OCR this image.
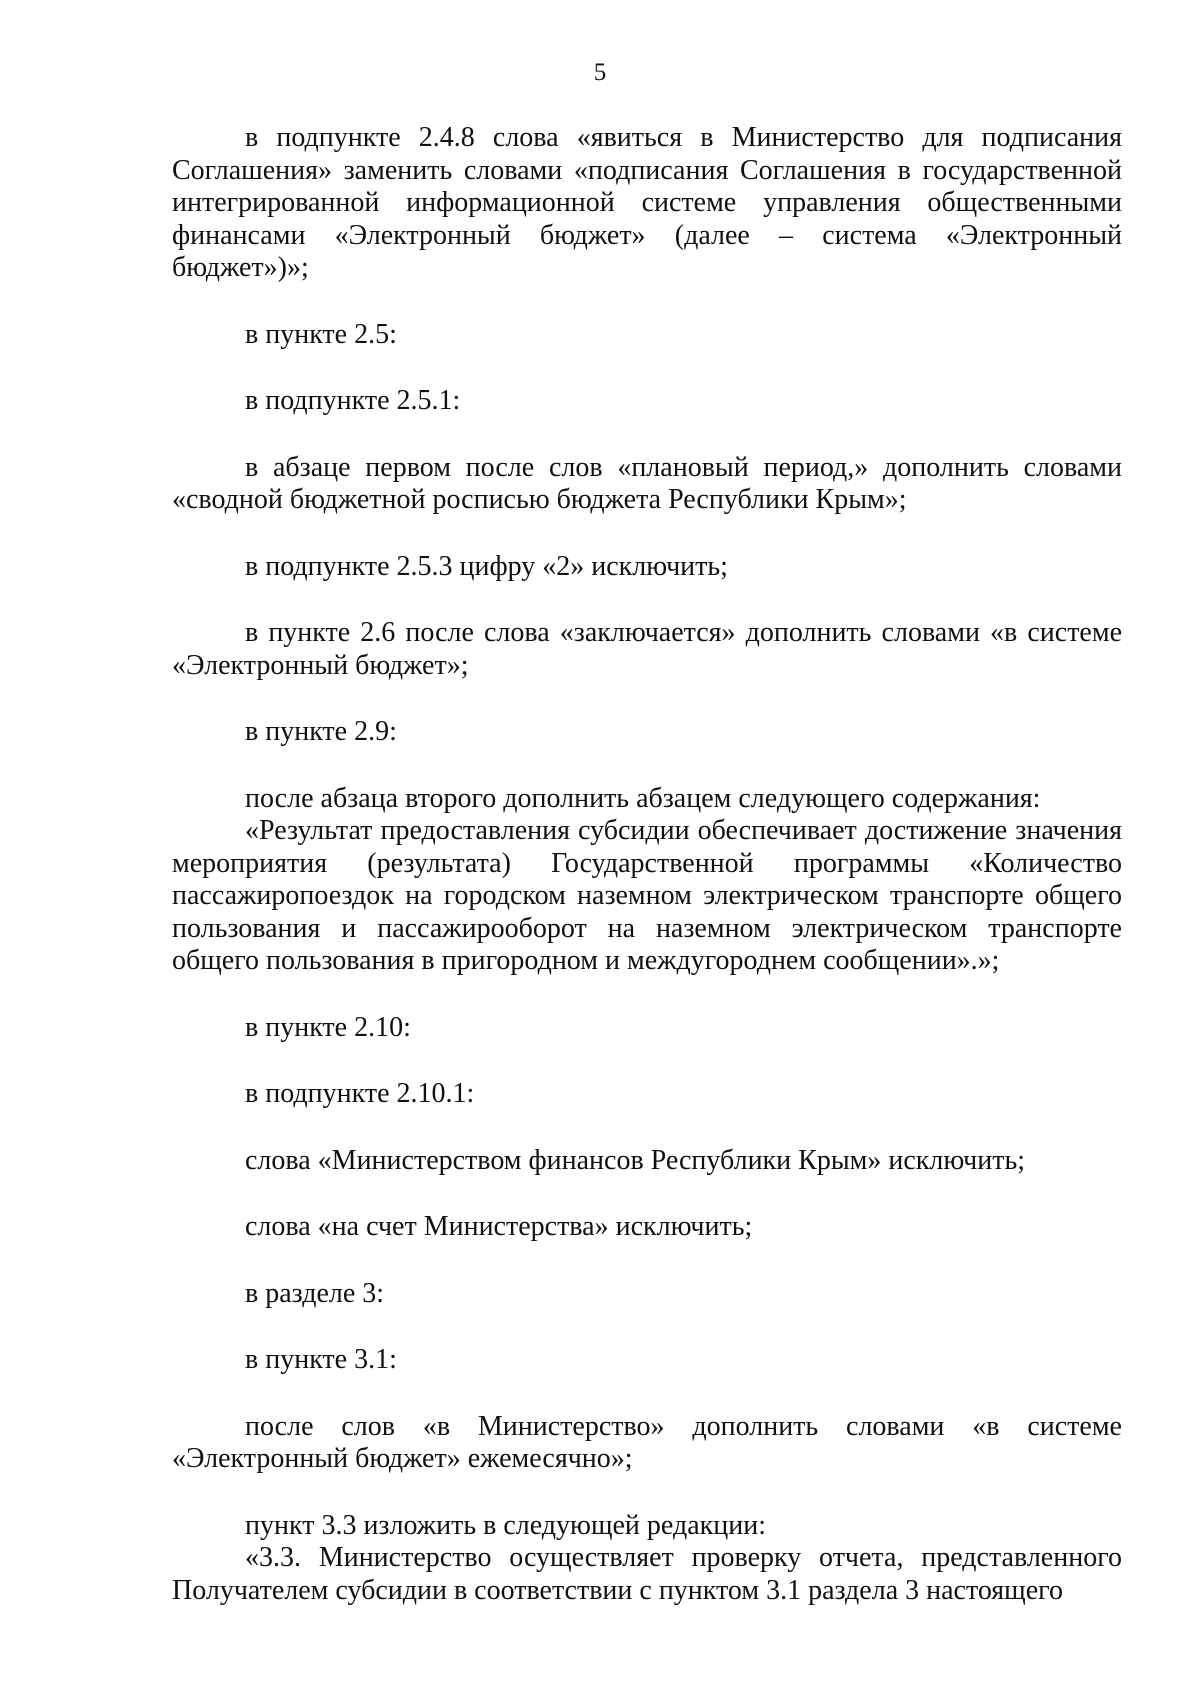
5

в подпункте 2.4.8 слова «явиться в Министерство для подписания Соглашения» заменить словами «подписания Соглашения в государственной интегрированной информационной системе управления общественными финансами «Электронный бюджет» (далее – система «Электронный бюджет»)»;

в пункте 2.5:

в подпункте 2.5.1:

в абзаце первом после слов «плановый период,» дополнить словами «сводной бюджетной росписью бюджета Республики Крым»;

в подпункте 2.5.3 цифру «2» исключить;

в пункте 2.6 после слова «заключается» дополнить словами «в системе «Электронный бюджет»;

в пункте 2.9:

после абзаца второго дополнить абзацем следующего содержания:

«Результат предоставления субсидии обеспечивает достижение значения мероприятия (результата) Государственной программы «Количество пассажиропоездок на городском наземном электрическом транспорте общего пользования и пассажирооборот на наземном электрическом транспорте общего пользования в пригородном и междугороднем сообщении».»;

в пункте 2.10:

в подпункте 2.10.1:

слова «Министерством финансов Республики Крым» исключить;

слова «на счет Министерства» исключить;

в разделе 3:

в пункте 3.1:

после слов «в Министерство» дополнить словами «в системе «Электронный бюджет» ежемесячно»;

пункт 3.3 изложить в следующей редакции:

«3.3. Министерство осуществляет проверку отчета, представленного Получателем субсидии в соответствии с пунктом 3.1 раздела 3 настоящего
